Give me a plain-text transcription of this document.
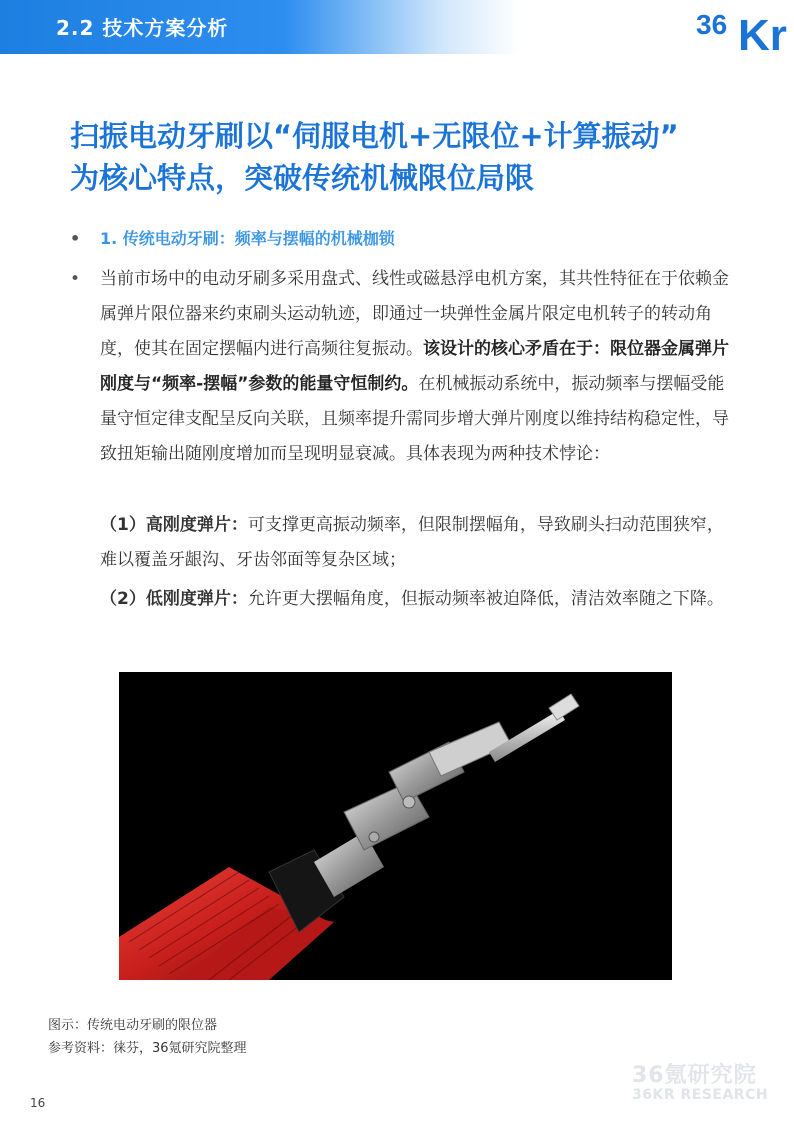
2.2 技术方案分析	36 Kr
扫振电动牙刷以“伺服电机+无限位+计算振动”
为核心特点，突破传统机械限位局限
• 1. 传统电动牙刷：频率与摆幅的机械枷锁
•	当前市场中的电动牙刷多采用盘式、线性或磁悬浮电机方案，其共性特征在于依赖金属弹片限位器来约束刷头运动轨迹，即通过一块弹性金属片限定电机转子的转动角度，使其在固定摆幅内进行高频往复振动。该设计的核心矛盾在于：限位器金属弹片刚度与“频率-摆幅”参数的能量守恒制约。在机械振动系统中，振动频率与摆幅受能量守恒定律支配呈反向关联，且频率提升需同步增大弹片刚度以维持结构稳定性，导致扭矩输出随刚度增加而呈现明显衰减。具体表现为两种技术悖论：
（1）高刚度弹片：可支撑更高振动频率，但限制摆幅角，导致刷头扫动范围狭窄，难以覆盖牙龈沟、牙齿邻面等复杂区域；
（2）低刚度弹片：允许更大摆幅角度，但振动频率被迫降低，清洁效率随之下降。
图示：传统电动牙刷的限位器
参考资料：徕芬，36氪研究院整理
36氪研究院
36KR RESEARCH
16
